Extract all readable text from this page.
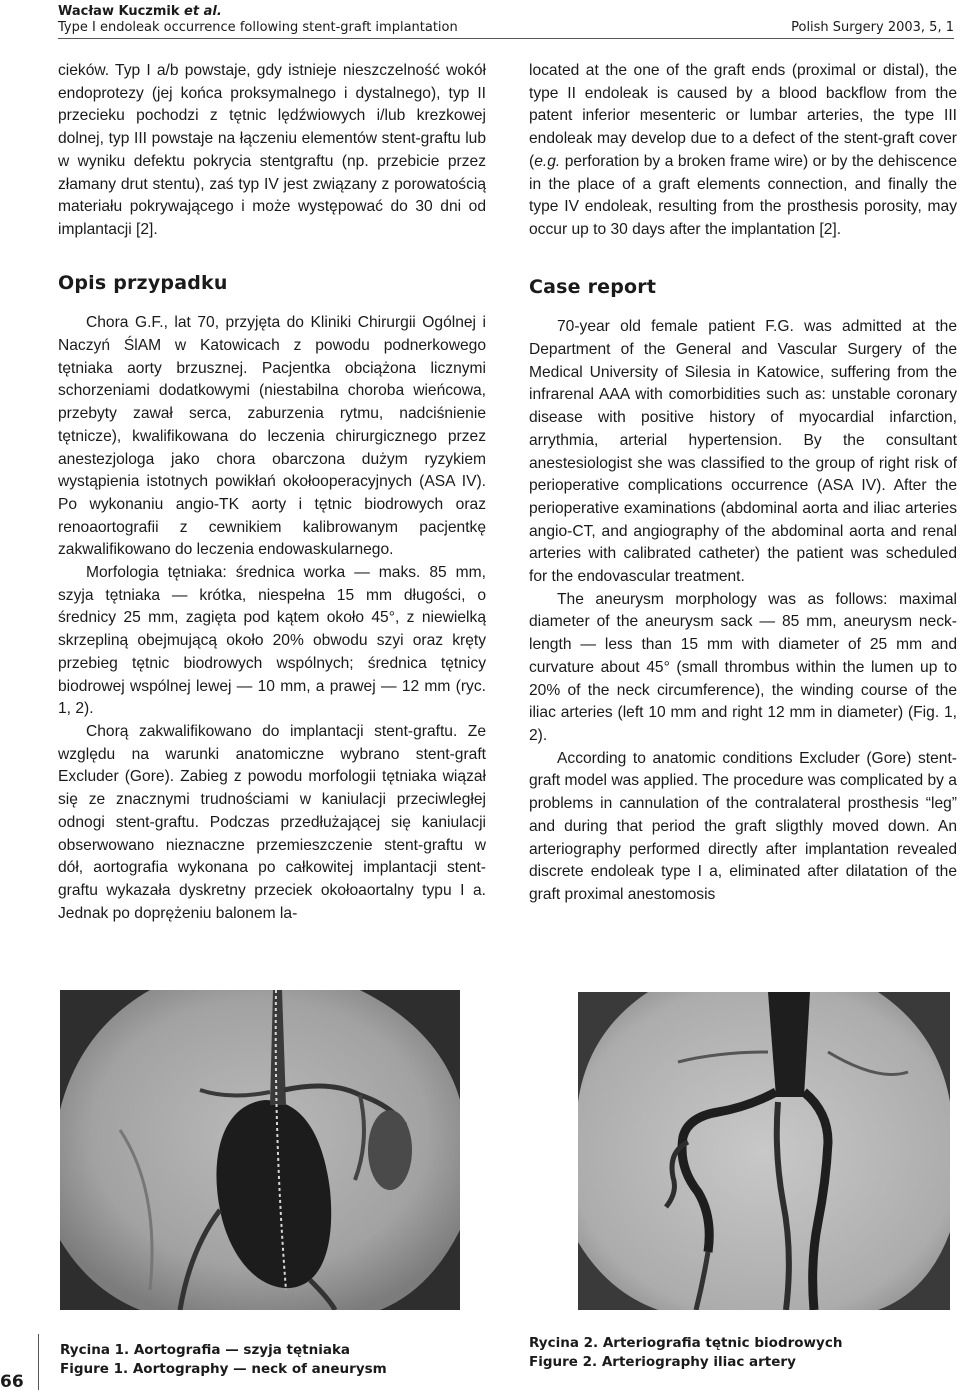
Wacław Kuczmik et al.
Type I endoleak occurrence following stent-graft implantation	Polish Surgery 2003, 5, 1

cieków. Typ I a/b powstaje, gdy istnieje nieszczelność wokół endoprotezy (jej końca proksymalnego i dystalnego), typ II przecieku pochodzi z tętnic lędźwiowych i/lub krezkowej dolnej, typ III powstaje na łączeniu elementów stent-graftu lub w wyniku defektu pokrycia stentgraftu (np. przebicie przez złamany drut stentu), zaś typ IV jest związany z porowatością materiału pokrywającego i może występować do 30 dni od implantacji [2].

Opis przypadku

Chora G.F., lat 70, przyjęta do Kliniki Chirurgii Ogólnej i Naczyń ŚlAM w Katowicach z powodu podnerkowego tętniaka aorty brzusznej. Pacjentka obciążona licznymi schorzeniami dodatkowymi (niestabilna choroba wieńcowa, przebyty zawał serca, zaburzenia rytmu, nadciśnienie tętnicze), kwalifikowana do leczenia chirurgicznego przez anestezjologa jako chora obarczona dużym ryzykiem wystąpienia istotnych powikłań okołooperacyjnych (ASA IV). Po wykonaniu angio-TK aorty i tętnic biodrowych oraz renoaortografii z cewnikiem kalibrowanym pacjentkę zakwalifikowano do leczenia endowaskularnego.

Morfologia tętniaka: średnica worka — maks. 85 mm, szyja tętniaka — krótka, niespełna 15 mm długości, o średnicy 25 mm, zagięta pod kątem około 45°, z niewielką skrzepliną obejmującą około 20% obwodu szyi oraz kręty przebieg tętnic biodrowych wspólnych; średnica tętnicy biodrowej wspólnej lewej — 10 mm, a prawej — 12 mm (ryc. 1, 2).

Chorą zakwalifikowano do implantacji stent-graftu. Ze względu na warunki anatomiczne wybrano stent-graft Excluder (Gore). Zabieg z powodu morfologii tętniaka wiązał się ze znacznymi trudnościami w kaniulacji przeciwległej odnogi stent-graftu. Podczas przedłużającej się kaniulacji obserwowano nieznaczne przemieszczenie stent-graftu w dół, aortografia wykonana po całkowitej implantacji stent-graftu wykazała dyskretny przeciek okołoaortalny typu I a. Jednak po doprężeniu balonem la-

located at the one of the graft ends (proximal or distal), the type II endoleak is caused by a blood backflow from the patent inferior mesenteric or lumbar arteries, the type III endoleak may develop due to a defect of the stent-graft cover (e.g. perforation by a broken frame wire) or by the dehiscence in the place of a graft elements connection, and finally the type IV endoleak, resulting from the prosthesis porosity, may occur up to 30 days after the implantation [2].

Case report

70-year old female patient F.G. was admitted at the Department of the General and Vascular Surgery of the Medical University of Silesia in Katowice, suffering from the infrarenal AAA with comorbidities such as: unstable coronary disease with positive history of myocardial infarction, arrythmia, arterial hypertension. By the consultant anestesiologist she was classified to the group of right risk of perioperative complications occurrence (ASA IV). After the perioperative examinations (abdominal aorta and iliac arteries angio-CT, and angiography of the abdominal aorta and renal arteries with calibrated catheter) the patient was scheduled for the endovascular treatment.

The aneurysm morphology was as follows: maximal diameter of the aneurysm sack — 85 mm, aneurysm neck-length — less than 15 mm with diameter of 25 mm and curvature about 45° (small thrombus within the lumen up to 20% of the neck circumference), the winding course of the iliac arteries (left 10 mm and right 12 mm in diameter) (Fig. 1, 2).

According to anatomic conditions Excluder (Gore) stent-graft model was applied. The procedure was complicated by a problems in cannulation of the contralateral prosthesis “leg” and during that period the graft sligthly moved down. An arteriography performed directly after implantation revealed discrete endoleak type I a, eliminated after dilatation of the graft proximal anestomosis

Rycina 1. Aortografia — szyja tętniaka
Figure 1. Aortography — neck of aneurysm
Rycina 2. Arteriografia tętnic biodrowych
Figure 2. Arteriography iliac artery
66
